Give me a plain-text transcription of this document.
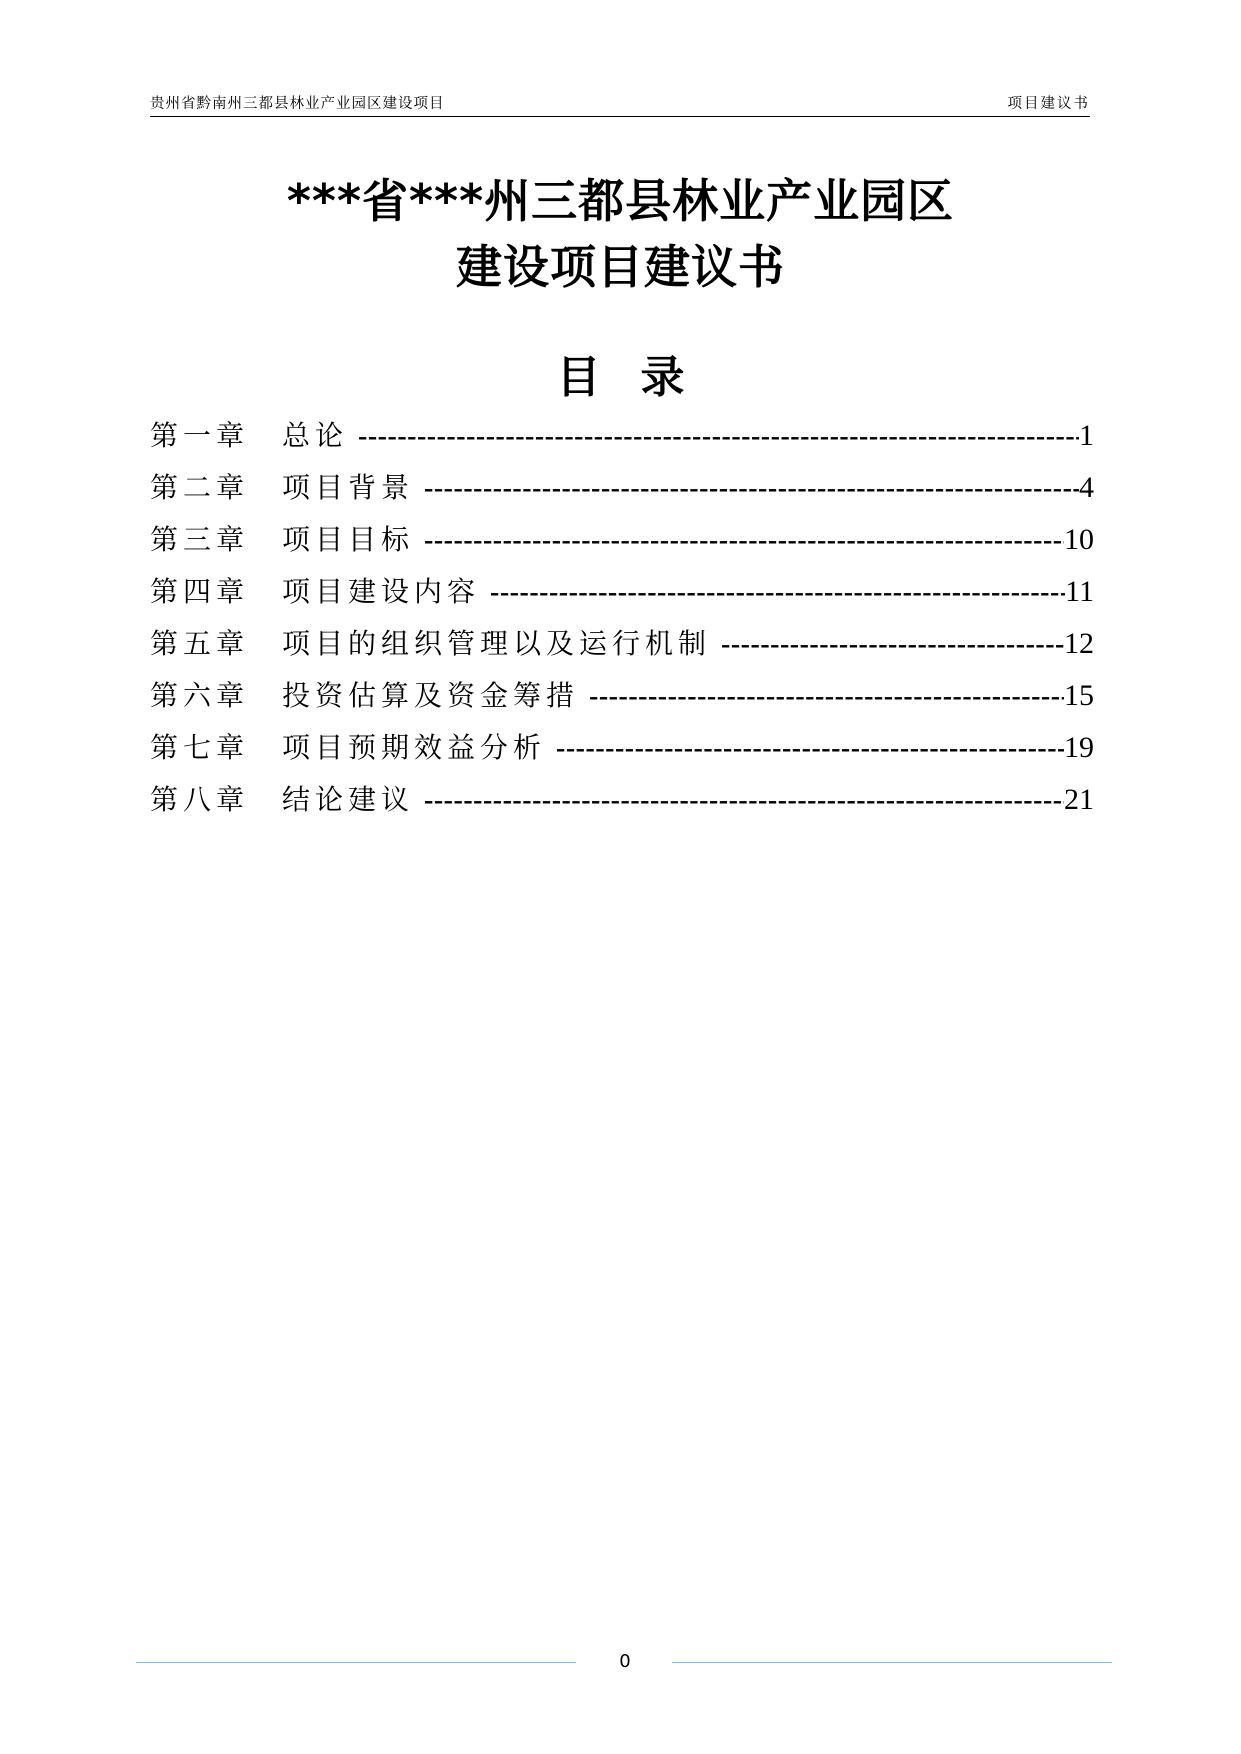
贵州省黔南州三都县林业产业园区建设项目	项目建议书
***省***州三都县林业产业园区
建设项目建议书
目录
第一章	总论 -----	1
第二章	项目背景 -----	4
第三章	项目目标 -----	10
第四章	项目建设内容 -----	11
第五章	项目的组织管理以及运行机制 -----	12
第六章	投资估算及资金筹措 -----	15
第七章	项目预期效益分析 -----	19
第八章	结论建议 -----	21
0
